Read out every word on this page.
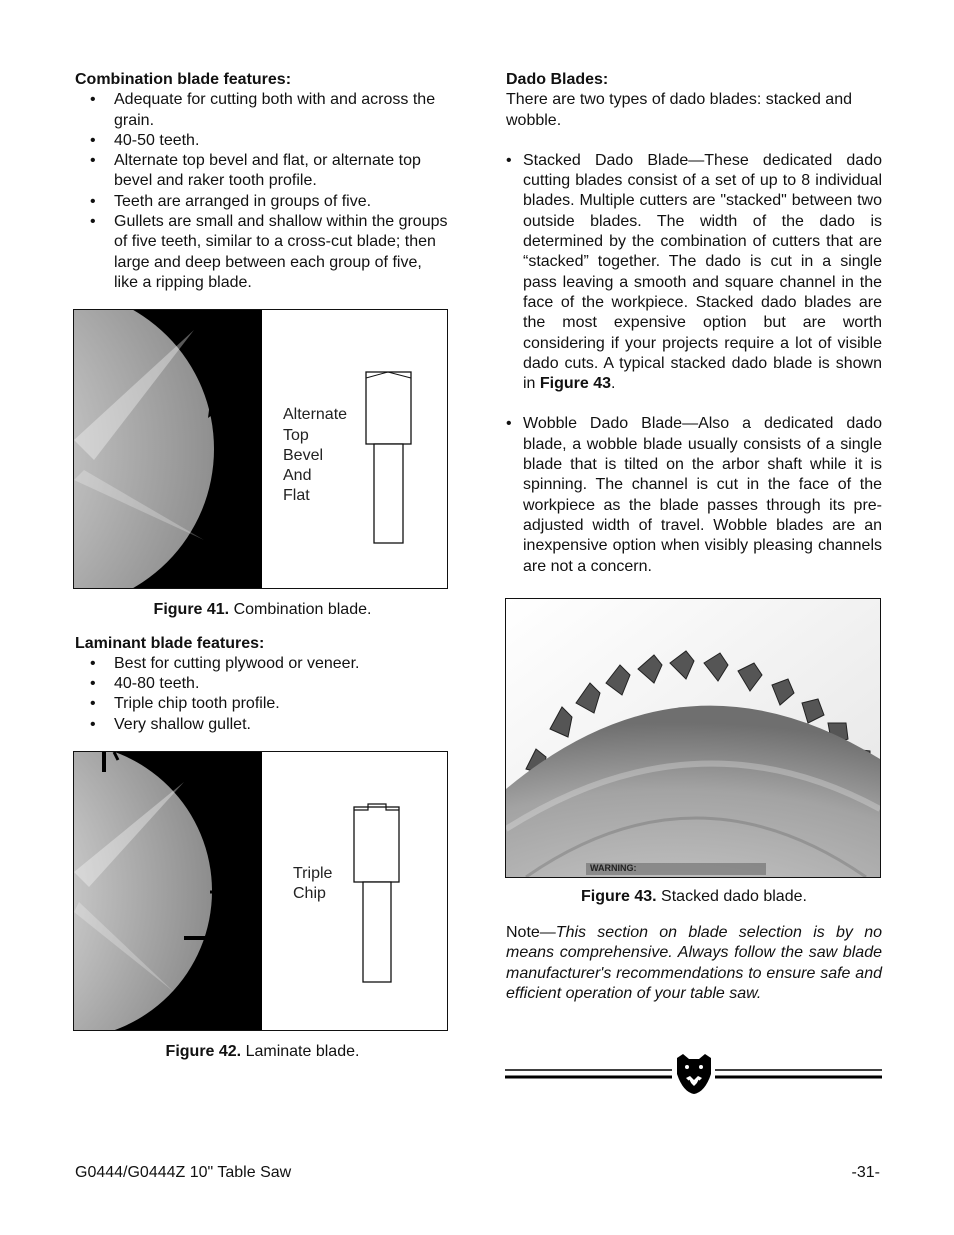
Combination blade features:

• Adequate for cutting both with and across the grain.
• 40-50 teeth.
• Alternate top bevel and flat, or alternate top bevel and raker tooth profile.
• Teeth are arranged in groups of five.
• Gullets are small and shallow within the groups of five teeth, similar to a cross-cut blade; then large and deep between each group of five, like a ripping blade.
Alternate
Top
Bevel
And
Flat

Figure 41. Combination blade.

Laminant blade features:

• Best for cutting plywood or veneer.
• 40-80 teeth.
• Triple chip tooth profile.
• Very shallow gullet.
Triple
Chip

Figure 42. Laminate blade.

Dado Blades:

There are two types of dado blades: stacked and wobble.

• Stacked Dado Blade—These dedicated dado cutting blades consist of a set of up to 8 individual blades. Multiple cutters are "stacked" between two outside blades. The width of the dado is determined by the combination of cutters that are “stacked” together. The dado is cut in a single pass leaving a smooth and square channel in the face of the workpiece. Stacked dado blades are the most expensive option but are worth considering if your projects require a lot of visible dado cuts. A typical stacked dado blade is shown in Figure 43.
• Wobble Dado Blade—Also a dedicated dado blade, a wobble blade usually consists of a single blade that is tilted on the arbor shaft while it is spinning. The channel is cut in the face of the workpiece as the blade passes through its pre-adjusted width of travel. Wobble blades are an inexpensive option when visibly pleasing channels are not a concern.
WARNING:

Figure 43. Stacked dado blade.

Note—This section on blade selection is by no means comprehensive. Always follow the saw blade manufacturer's recommendations to ensure safe and efficient operation of your table saw.

G0444/G0444Z 10" Table Saw	-31-
